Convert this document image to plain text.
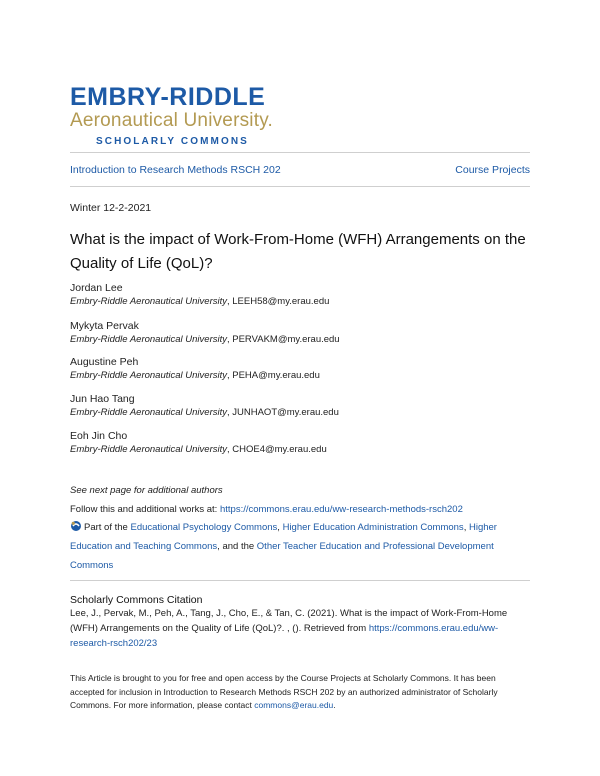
EMBRY-RIDDLE
Aeronautical University.
SCHOLARLY COMMONS
Introduction to Research Methods RSCH 202	Course Projects
Winter 12-2-2021
What is the impact of Work-From-Home (WFH) Arrangements on the Quality of Life (QoL)?
Jordan Lee
Embry-Riddle Aeronautical University, LEEH58@my.erau.edu
Mykyta Pervak
Embry-Riddle Aeronautical University, PERVAKM@my.erau.edu
Augustine Peh
Embry-Riddle Aeronautical University, PEHA@my.erau.edu
Jun Hao Tang
Embry-Riddle Aeronautical University, JUNHAOT@my.erau.edu
Eoh Jin Cho
Embry-Riddle Aeronautical University, CHOE4@my.erau.edu
See next page for additional authors
Follow this and additional works at: https://commons.erau.edu/ww-research-methods-rsch202
Part of the Educational Psychology Commons, Higher Education Administration Commons, Higher Education and Teaching Commons, and the Other Teacher Education and Professional Development Commons
Scholarly Commons Citation
Lee, J., Pervak, M., Peh, A., Tang, J., Cho, E., & Tan, C. (2021). What is the impact of Work-From-Home (WFH) Arrangements on the Quality of Life (QoL)?. , (). Retrieved from https://commons.erau.edu/ww-research-rsch202/23
This Article is brought to you for free and open access by the Course Projects at Scholarly Commons. It has been accepted for inclusion in Introduction to Research Methods RSCH 202 by an authorized administrator of Scholarly Commons. For more information, please contact commons@erau.edu.
